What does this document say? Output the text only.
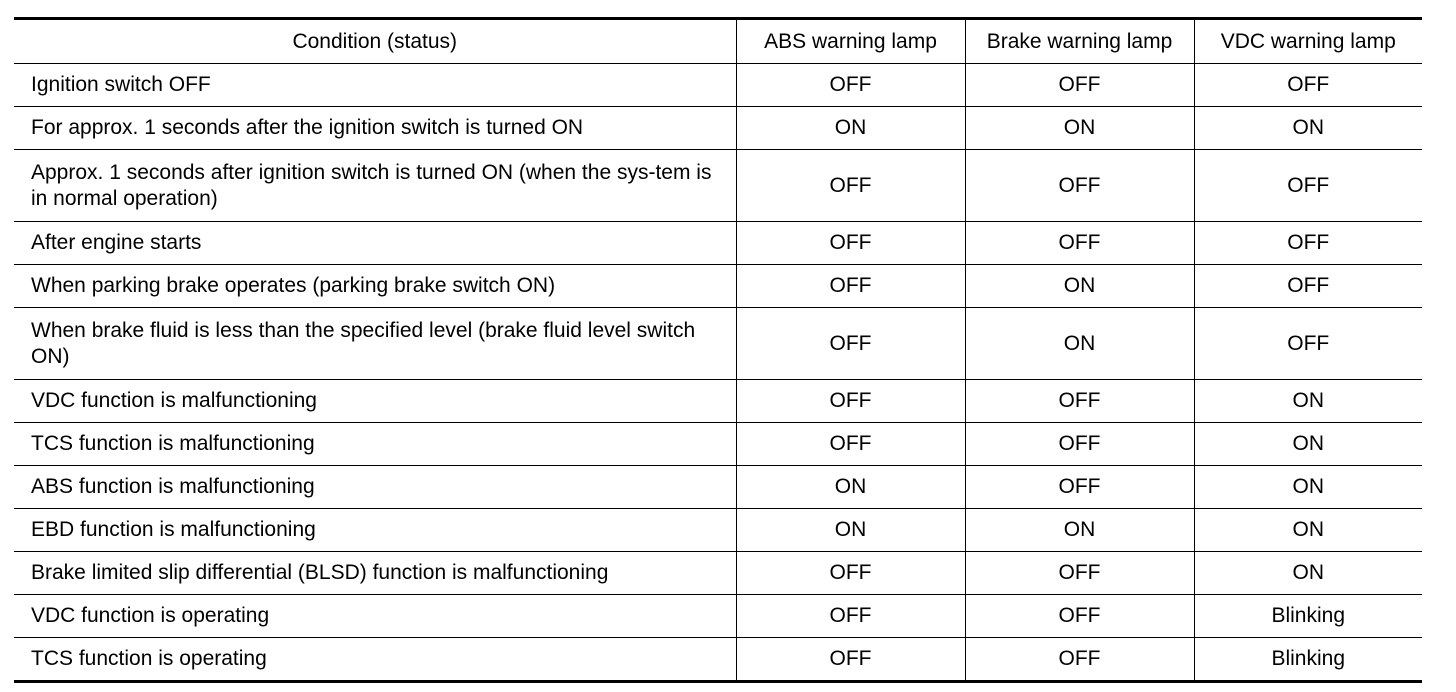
Condition (status)	ABS warning lamp	Brake warning lamp	VDC warning lamp
Ignition switch OFF	OFF	OFF	OFF
For approx. 1 seconds after the ignition switch is turned ON	ON	ON	ON
Approx. 1 seconds after ignition switch is turned ON (when the sys-tem is in normal operation)	OFF	OFF	OFF
After engine starts	OFF	OFF	OFF
When parking brake operates (parking brake switch ON)	OFF	ON	OFF
When brake fluid is less than the specified level (brake fluid level switch ON)	OFF	ON	OFF
VDC function is malfunctioning	OFF	OFF	ON
TCS function is malfunctioning	OFF	OFF	ON
ABS function is malfunctioning	ON	OFF	ON
EBD function is malfunctioning	ON	ON	ON
Brake limited slip differential (BLSD) function is malfunctioning	OFF	OFF	ON
VDC function is operating	OFF	OFF	Blinking
TCS function is operating	OFF	OFF	Blinking
